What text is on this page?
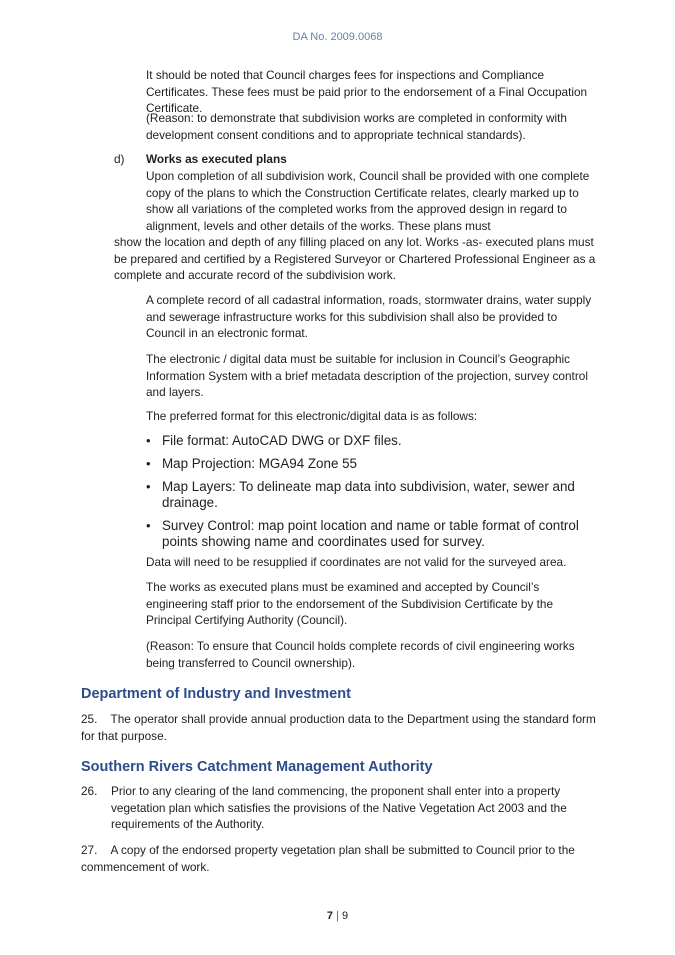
DA No. 2009.0068

It should be noted that Council charges fees for inspections and Compliance Certificates. These fees must be paid prior to the endorsement of a Final Occupation Certificate.

(Reason: to demonstrate that subdivision works are completed in conformity with development consent conditions and to appropriate technical standards).

d) Works as executed plans

Upon completion of all subdivision work, Council shall be provided with one complete copy of the plans to which the Construction Certificate relates, clearly marked up to show all variations of the completed works from the approved design in regard to alignment, levels and other details of the works. These plans must

show the location and depth of any filling placed on any lot. Works -as- executed plans must be prepared and certified by a Registered Surveyor or Chartered Professional Engineer as a complete and accurate record of the subdivision work.

A complete record of all cadastral information, roads, stormwater drains, water supply and sewerage infrastructure works for this subdivision shall also be provided to Council in an electronic format.

The electronic / digital data must be suitable for inclusion in Council’s Geographic Information System with a brief metadata description of the projection, survey control and layers.

The preferred format for this electronic/digital data is as follows:

• File format: AutoCAD DWG or DXF files.
• Map Projection: MGA94 Zone 55
• Map Layers: To delineate map data into subdivision, water, sewer and drainage.
• Survey Control: map point location and name or table format of control points showing name and coordinates used for survey.

Data will need to be resupplied if coordinates are not valid for the surveyed area.

The works as executed plans must be examined and accepted by Council’s engineering staff prior to the endorsement of the Subdivision Certificate by the Principal Certifying Authority (Council).

(Reason: To ensure that Council holds complete records of civil engineering works being transferred to Council ownership).

Department of Industry and Investment

25. The operator shall provide annual production data to the Department using the standard form for that purpose.

Southern Rivers Catchment Management Authority
26. Prior to any clearing of the land commencing, the proponent shall enter into a property vegetation plan which satisfies the provisions of the Native Vegetation Act 2003 and the requirements of the Authority.

27. A copy of the endorsed property vegetation plan shall be submitted to Council prior to the commencement of work.

7 | 9
